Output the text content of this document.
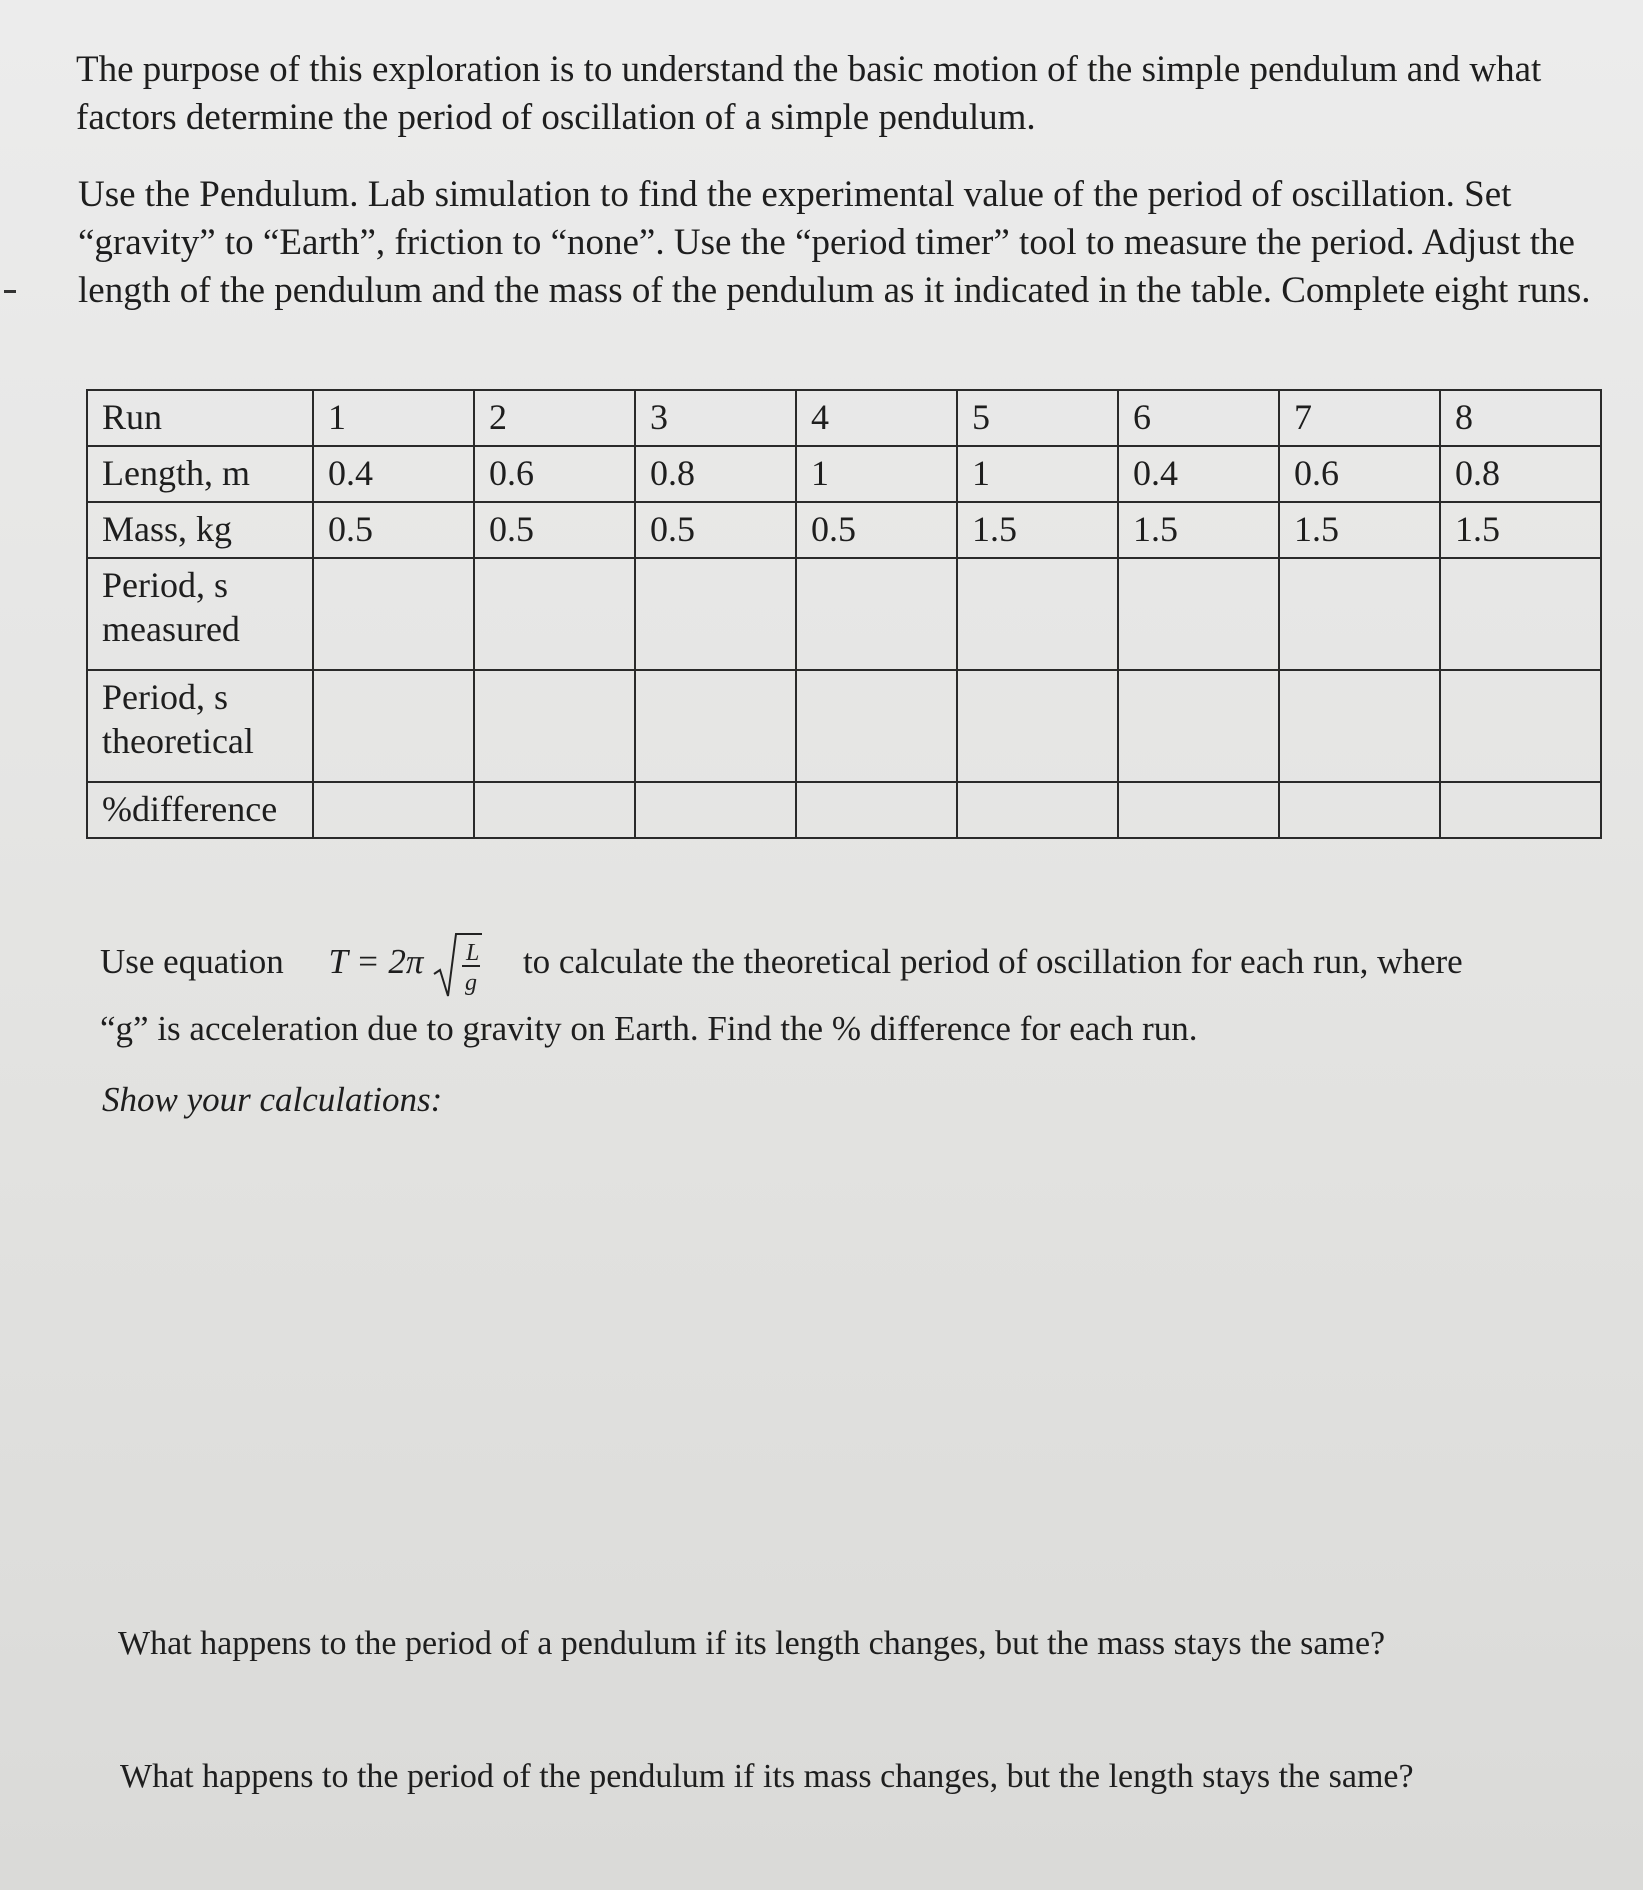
The purpose of this exploration is to understand the basic motion of the simple pendulum and what factors determine the period of oscillation of a simple pendulum.

Use the Pendulum. Lab simulation to find the experimental value of the period of oscillation. Set “gravity” to “Earth”, friction to “none”. Use the “period timer” tool to measure the period. Adjust the length of the pendulum and the mass of the pendulum as it indicated in the table. Complete eight runs.

Run	1	2	3	4	5	6	7	8
Length, m	0.4	0.6	0.8	1	1	0.4	0.6	0.8
Mass, kg	0.5	0.5	0.5	0.5	1.5	1.5	1.5	1.5

Period, s
measured								

Period, s
theoretical								

%difference								
Use equation T = 2π L
g
to calculate the theoretical period of oscillation for each run, where
“g” is acceleration due to gravity on Earth. Find the % difference for each run.
Show your calculations:
What happens to the period of a pendulum if its length changes, but the mass stays the same?
What happens to the period of the pendulum if its mass changes, but the length stays the same?
